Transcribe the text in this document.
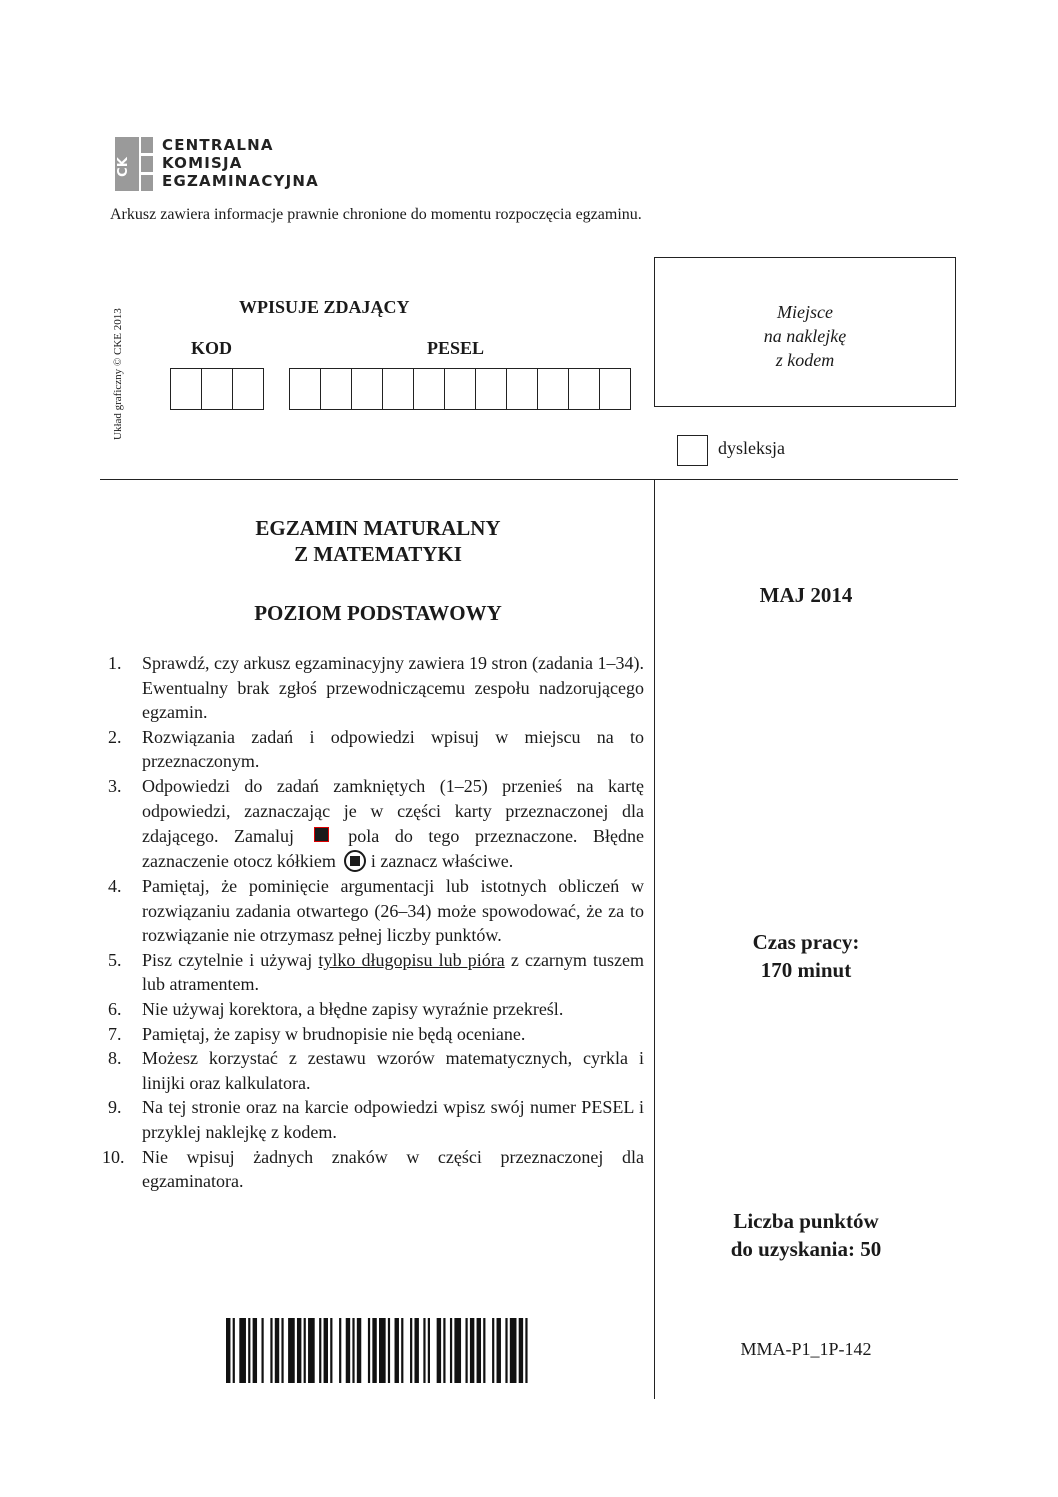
CK
CENTRALNA
KOMISJA
EGZAMINACYJNA
Arkusz zawiera informacje prawnie chronione do momentu rozpoczęcia egzaminu.
Układ graficzny © CKE 2013
WPISUJE ZDAJĄCY
KOD	PESEL
Miejsce
na naklejkę
z kodem
dysleksja
EGZAMIN MATURALNY
Z MATEMATYKI
POZIOM PODSTAWOWY
MAJ 2014
Czas pracy:
170 minut
Liczba punktów
do uzyskania: 50
MMA-P1_1P-142
1.	Sprawdź, czy arkusz egzaminacyjny zawiera 19 stron (zadania 1–34). Ewentualny brak zgłoś przewodniczącemu zespołu nadzorującego egzamin.
2.	Rozwiązania zadań i odpowiedzi wpisuj w miejscu na to przeznaczonym.
3.	Odpowiedzi do zadań zamkniętych (1–25) przenieś na kartę odpowiedzi, zaznaczając je w części karty przeznaczonej dla zdającego. Zamaluj	pola do tego przeznaczone. Błędne zaznaczenie otocz kółkiem i zaznacz właściwe.
4.	Pamiętaj, że pominięcie argumentacji lub istotnych obliczeń w rozwiązaniu zadania otwartego (26–34) może spowodować, że za to rozwiązanie nie otrzymasz pełnej liczby punktów.
5.	Pisz czytelnie i używaj tylko długopisu lub pióra z czarnym tuszem lub atramentem.
6.	Nie używaj korektora, a błędne zapisy wyraźnie przekreśl.
7.	Pamiętaj, że zapisy w brudnopisie nie będą oceniane.
8.	Możesz korzystać z zestawu wzorów matematycznych, cyrkla i linijki oraz kalkulatora.
9.	Na tej stronie oraz na karcie odpowiedzi wpisz swój numer PESEL i przyklej naklejkę z kodem.
10. Nie wpisuj żadnych znaków w części przeznaczonej dla egzaminatora.
